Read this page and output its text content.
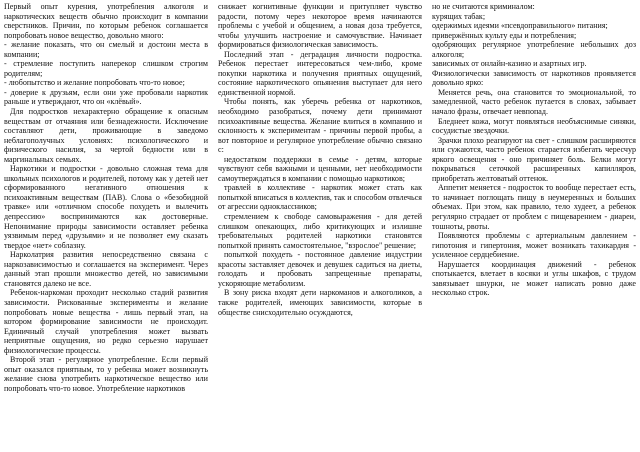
Первый опыт курения, употребления алкоголя и наркотических веществ обычно происходит в компании сверстников. Причин, по которым ребенок соглашается попробовать новое вещество, довольно много:

- желание показать, что он смелый и достоин места в компании;

- стремление поступить наперекор слишком строгим родителям;

- любопытство и желание попробовать что-то новое;

- доверие к друзьям, если они уже пробовали наркотик раньше и утверждают, что он «клёвый».

Для подростков нехарактерно обращение к опасным веществам от отчаяния или безнадежности. Исключение составляют дети, проживающие в заведомо неблагополучных условиях: психологического и физического насилия, за чертой бедности или в маргинальных семьях.

Наркотики и подростки - довольно сложная тема для школьных психологов и родителей, потому как у детей нет сформированного негативного отношения к психоактивным веществам (ПАВ). Слова о «безобидной травке» или «отличном способе похудеть и вылечить депрессию» воспринимаются как достоверные. Непонимание природы зависимости оставляет ребенка уязвимым перед «друзьями» и не позволяет ему сказать твердое «нет» соблазну.

Нарколатрия развития непосредственно связана с наркозависимостью и соглашается на эксперимент. Через данный этап прошли множество детей, но зависимыми становятся далеко не все.

Ребенок-наркоман проходит несколько стадий развития зависимости. Рискованные эксперименты и желание попробовать новые вещества - лишь первый этап, на котором формирование зависимости не происходит. Единичный случай употребления может вызвать неприятные ощущения, но редко серьезно нарушает физиологические процессы.

Второй этап - регулярное употребление. Если первый опыт оказался приятным, то у ребенка может возникнуть желание снова употребить наркотическое вещество или попробовать что-то новое. Употребление наркотиков

снижает когнитивные функции и притупляет чувство радости, потому через некоторое время начинаются проблемы с учебой и общением, а новая доза требуется, чтобы улучшить настроение и самочувствие. Начинает формироваться физиологическая зависимость.

Последний этап - деградация личности подростка. Ребенок перестает интересоваться чем-либо, кроме покупки наркотика и получения приятных ощущений, состояние наркотического опьянения выступает для него единственной нормой.

Чтобы понять, как уберечь ребенка от наркотиков, необходимо разобраться, почему дети принимают психоактивные вещества. Желание влиться в компанию и склонность к экспериментам - причины первой пробы, а вот повторное и регулярное употребление обычно связано с:

недостатком поддержки в семье - детям, которые чувствуют себя важными и ценными, нет необходимости самоутверждаться в компании с помощью наркотиков;

травлей в коллективе - наркотик может стать как попыткой вписаться в коллектив, так и способом отвлечься от агрессии одноклассников;

стремлением к свободе самовыражения - для детей слишком опекающих, либо критикующих и излишне требовательных родителей наркотики становятся попыткой принять самостоятельное, "взрослое" решение;

попыткой похудеть - постоянное давление индустрии красоты заставляет девочек и девушек садиться на диеты, голодать и пробовать запрещенные препараты, ускоряющие метаболизм.

В зону риска входят дети наркоманов и алкоголиков, а также родителей, имеющих зависимости, которые в обществе снисходительно осуждаются,

но не считаются криминалом:

курящих табак;

одержимых идеями «псевдоправильного» питания;

привержённых культу еды и потребления;

одобряющих регулярное употребление небольших доз алкоголя;

зависимых от онлайн-казино и азартных игр.

Физиологически зависимость от наркотиков проявляется довольно ярко:

Меняется речь, она становится то эмоциональной, то замедленной, часто ребенок путается в словах, забывает начало фразы, отвечает невпопад.

Бледнеет кожа, могут появляться необъяснимые синяки, сосудистые звездочки.

Зрачки плохо реагируют на свет - слишком расширяются или сужаются, часто ребенок старается избегать чересчур яркого освещения - оно причиняет боль. Белки могут покрываться сеточкой расширенных капилляров, приобретать желтоватый оттенок.

Аппетит меняется - подросток то вообще перестает есть, то начинает поглощать пищу в неумеренных и больших объемах. При этом, как правило, тело худеет, а ребенок регулярно страдает от проблем с пищеварением - диареи, тошноты, рвоты.

Появляются проблемы с артериальным давлением - гипотония и гипертония, может возникать тахикардия - усиленное сердцебиение.

Нарушается координация движений - ребенок спотыкается, влетает в косяки и углы шкафов, с трудом завязывает шнурки, не может написать ровно даже несколько строк.
